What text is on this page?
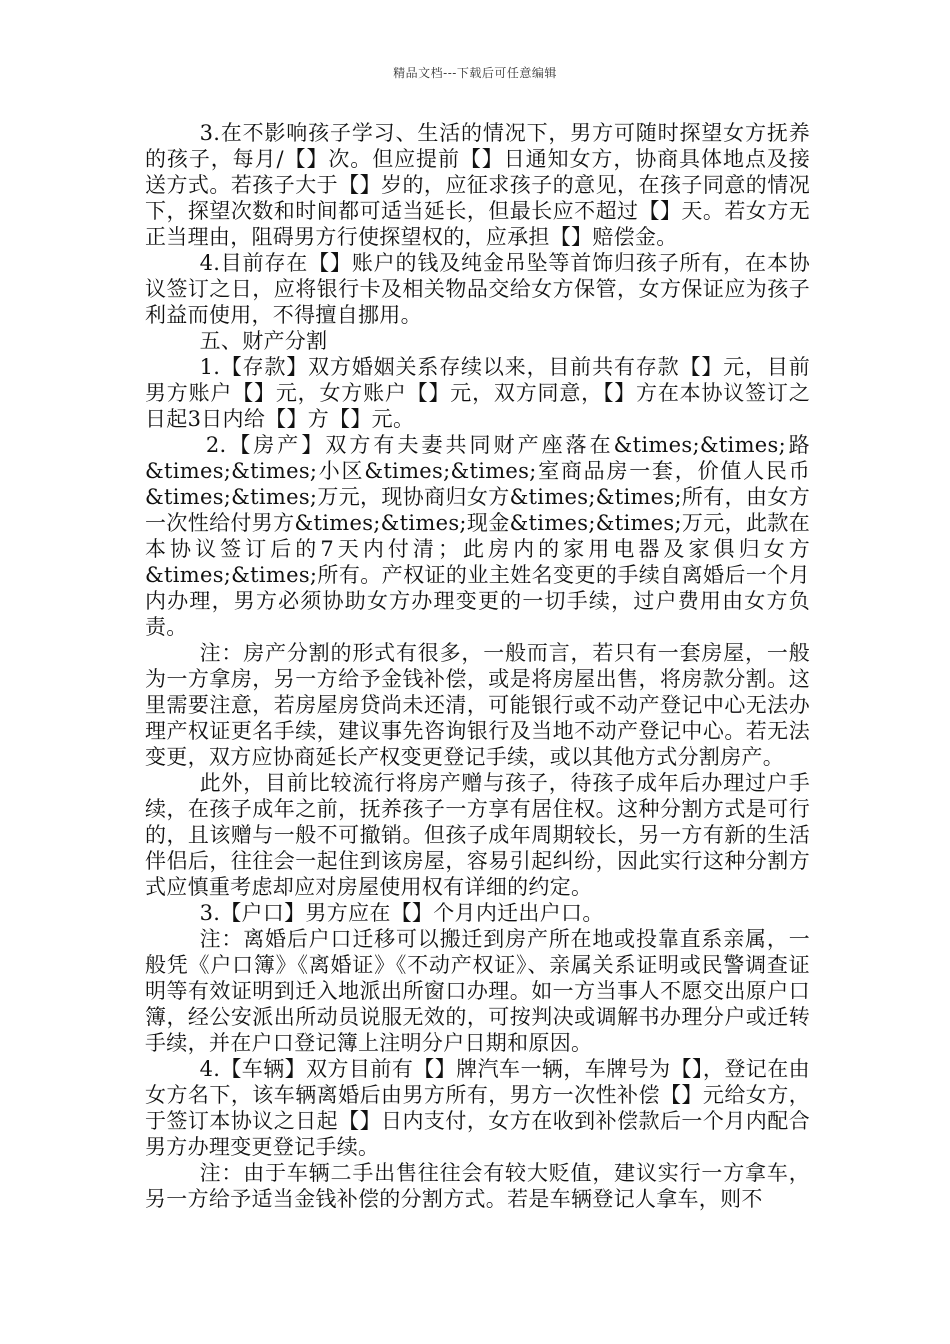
精品文档---下载后可任意编辑

3.在不影响孩子学习、生活的情况下，男方可随时探望女方抚养的孩子，每月/【】次。但应提前【】日通知女方，协商具体地点及接送方式。若孩子大于【】岁的，应征求孩子的意见，在孩子同意的情况下，探望次数和时间都可适当延长，但最长应不超过【】天。若女方无正当理由，阻碍男方行使探望权的，应承担【】赔偿金。

4.目前存在【】账户的钱及纯金吊坠等首饰归孩子所有，在本协议签订之日，应将银行卡及相关物品交给女方保管，女方保证应为孩子利益而使用，不得擅自挪用。

五、财产分割

1.【存款】双方婚姻关系存续以来，目前共有存款【】元，目前男方账户【】元，女方账户【】元，双方同意，【】方在本协议签订之日起3日内给【】方【】元。

2.【房产】双方有夫妻共同财产座落在&times;&times;路&times;&times;小区&times;&times;室商品房一套，价值人民币&times;&times;万元，现协商归女方&times;&times;所有，由女方一次性给付男方&times;&times;现金&times;&times;万元，此款在本协议签订后的7天内付清；此房内的家用电器及家俱归女方&times;&times;所有。产权证的业主姓名变更的手续自离婚后一个月内办理，男方必须协助女方办理变更的一切手续，过户费用由女方负责。

注：房产分割的形式有很多，一般而言，若只有一套房屋，一般为一方拿房，另一方给予金钱补偿，或是将房屋出售，将房款分割。这里需要注意，若房屋房贷尚未还清，可能银行或不动产登记中心无法办理产权证更名手续，建议事先咨询银行及当地不动产登记中心。若无法变更，双方应协商延长产权变更登记手续，或以其他方式分割房产。

此外，目前比较流行将房产赠与孩子，待孩子成年后办理过户手续，在孩子成年之前，抚养孩子一方享有居住权。这种分割方式是可行的，且该赠与一般不可撤销。但孩子成年周期较长，另一方有新的生活伴侣后，往往会一起住到该房屋，容易引起纠纷，因此实行这种分割方式应慎重考虑却应对房屋使用权有详细的约定。

3.【户口】男方应在【】个月内迁出户口。

注：离婚后户口迁移可以搬迁到房产所在地或投靠直系亲属，一般凭《户口簿》《离婚证》《不动产权证》、亲属关系证明或民警调查证明等有效证明到迁入地派出所窗口办理。如一方当事人不愿交出原户口簿，经公安派出所动员说服无效的，可按判决或调解书办理分户或迁转手续，并在户口登记簿上注明分户日期和原因。

4.【车辆】双方目前有【】牌汽车一辆，车牌号为【】，登记在由女方名下，该车辆离婚后由男方所有，男方一次性补偿【】元给女方，于签订本协议之日起【】日内支付，女方在收到补偿款后一个月内配合男方办理变更登记手续。

注：由于车辆二手出售往往会有较大贬值，建议实行一方拿车，另一方给予适当金钱补偿的分割方式。若是车辆登记人拿车，则不
